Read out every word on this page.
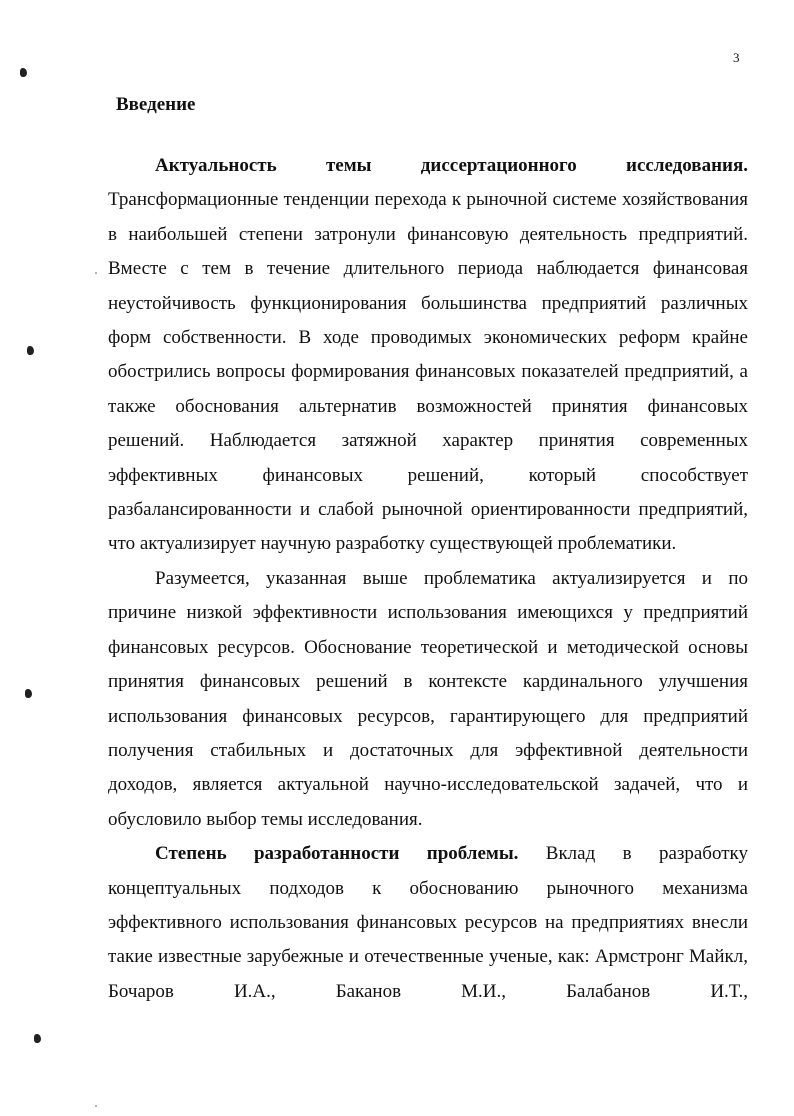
3
Введение

Актуальность темы диссертационного исследования. Трансформационные тенденции перехода к рыночной системе хозяйствования в наибольшей степени затронули финансовую деятельность предприятий. Вместе с тем в течение длительного периода наблюдается финансовая неустойчивость функционирования большинства предприятий различных форм собственности. В ходе проводимых экономических реформ крайне обострились вопросы формирования финансовых показателей предприятий, а также обоснования альтернатив возможностей принятия финансовых решений. Наблюдается затяжной характер принятия современных эффективных финансовых решений, который способствует разбалансированности и слабой рыночной ориентированности предприятий, что актуализирует научную разработку существующей проблематики.

Разумеется, указанная выше проблематика актуализируется и по причине низкой эффективности использования имеющихся у предприятий финансовых ресурсов. Обоснование теоретической и методической основы принятия финансовых решений в контексте кардинального улучшения использования финансовых ресурсов, гарантирующего для предприятий получения стабильных и достаточных для эффективной деятельности доходов, является актуальной научно-исследовательской задачей, что и обусловило выбор темы исследования.

Степень разработанности проблемы. Вклад в разработку концептуальных подходов к обоснованию рыночного механизма эффективного использования финансовых ресурсов на предприятиях внесли такие известные зарубежные и отечественные ученые, как: Армстронг Майкл, Бочаров И.А., Баканов М.И., Балабанов И.Т.,
